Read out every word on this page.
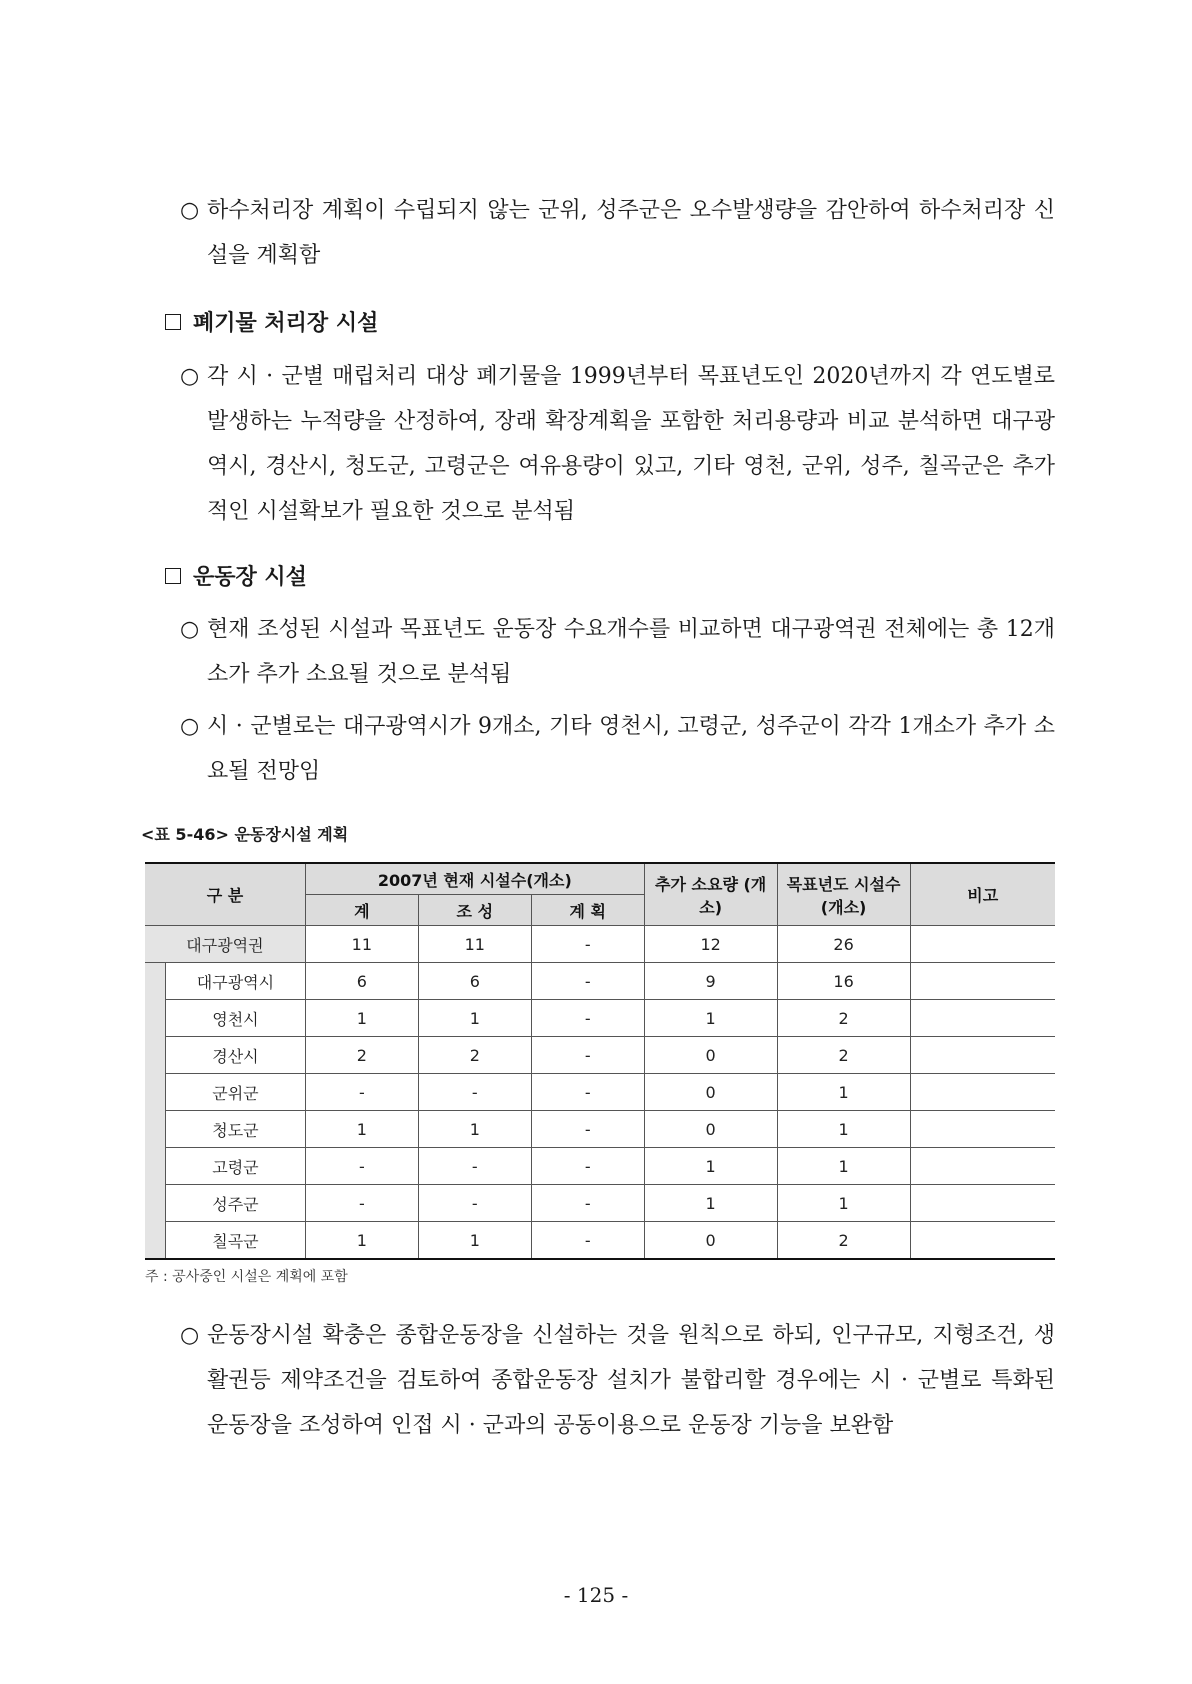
○ 하수처리장 계획이 수립되지 않는 군위, 성주군은 오수발생량을 감안하여 하수처리장 신설을 계획함
폐기물 처리장 시설
○ 각 시 · 군별 매립처리 대상 폐기물을 1999년부터 목표년도인 2020년까지 각 연도별로 발생하는 누적량을 산정하여, 장래 확장계획을 포함한 처리용량과 비교 분석하면 대구광역시, 경산시, 청도군, 고령군은 여유용량이 있고, 기타 영천, 군위, 성주, 칠곡군은 추가적인 시설확보가 필요한 것으로 분석됨
운동장 시설
○ 현재 조성된 시설과 목표년도 운동장 수요개수를 비교하면 대구광역권 전체에는 총 12개소가 추가 소요될 것으로 분석됨
○ 시 · 군별로는 대구광역시가 9개소, 기타 영천시, 고령군, 성주군이 각각 1개소가 추가 소요될 전망임
<표 5-46> 운동장시설 계획
구 분		2007년 현재 시설수(개소)			추가 소요량 (개소)	목표년도 시설수(개소)	비고
		계	조 성	계 획			
대구광역권		11	11	-	12	26	
	대구광역시	6	6	-	9	16	
	영천시	1	1	-	1	2	
	경산시	2	2	-	0	2	
	군위군	-	-	-	0	1	
	청도군	1	1	-	0	1	
	고령군	-	-	-	1	1	
	성주군	-	-	-	1	1	
	칠곡군	1	1	-	0	2	
주 : 공사중인 시설은 계획에 포함
○ 운동장시설 확충은 종합운동장을 신설하는 것을 원칙으로 하되, 인구규모, 지형조건, 생활권등 제약조건을 검토하여 종합운동장 설치가 불합리할 경우에는 시 · 군별로 특화된 운동장을 조성하여 인접 시 · 군과의 공동이용으로 운동장 기능을 보완함
- 125 -
